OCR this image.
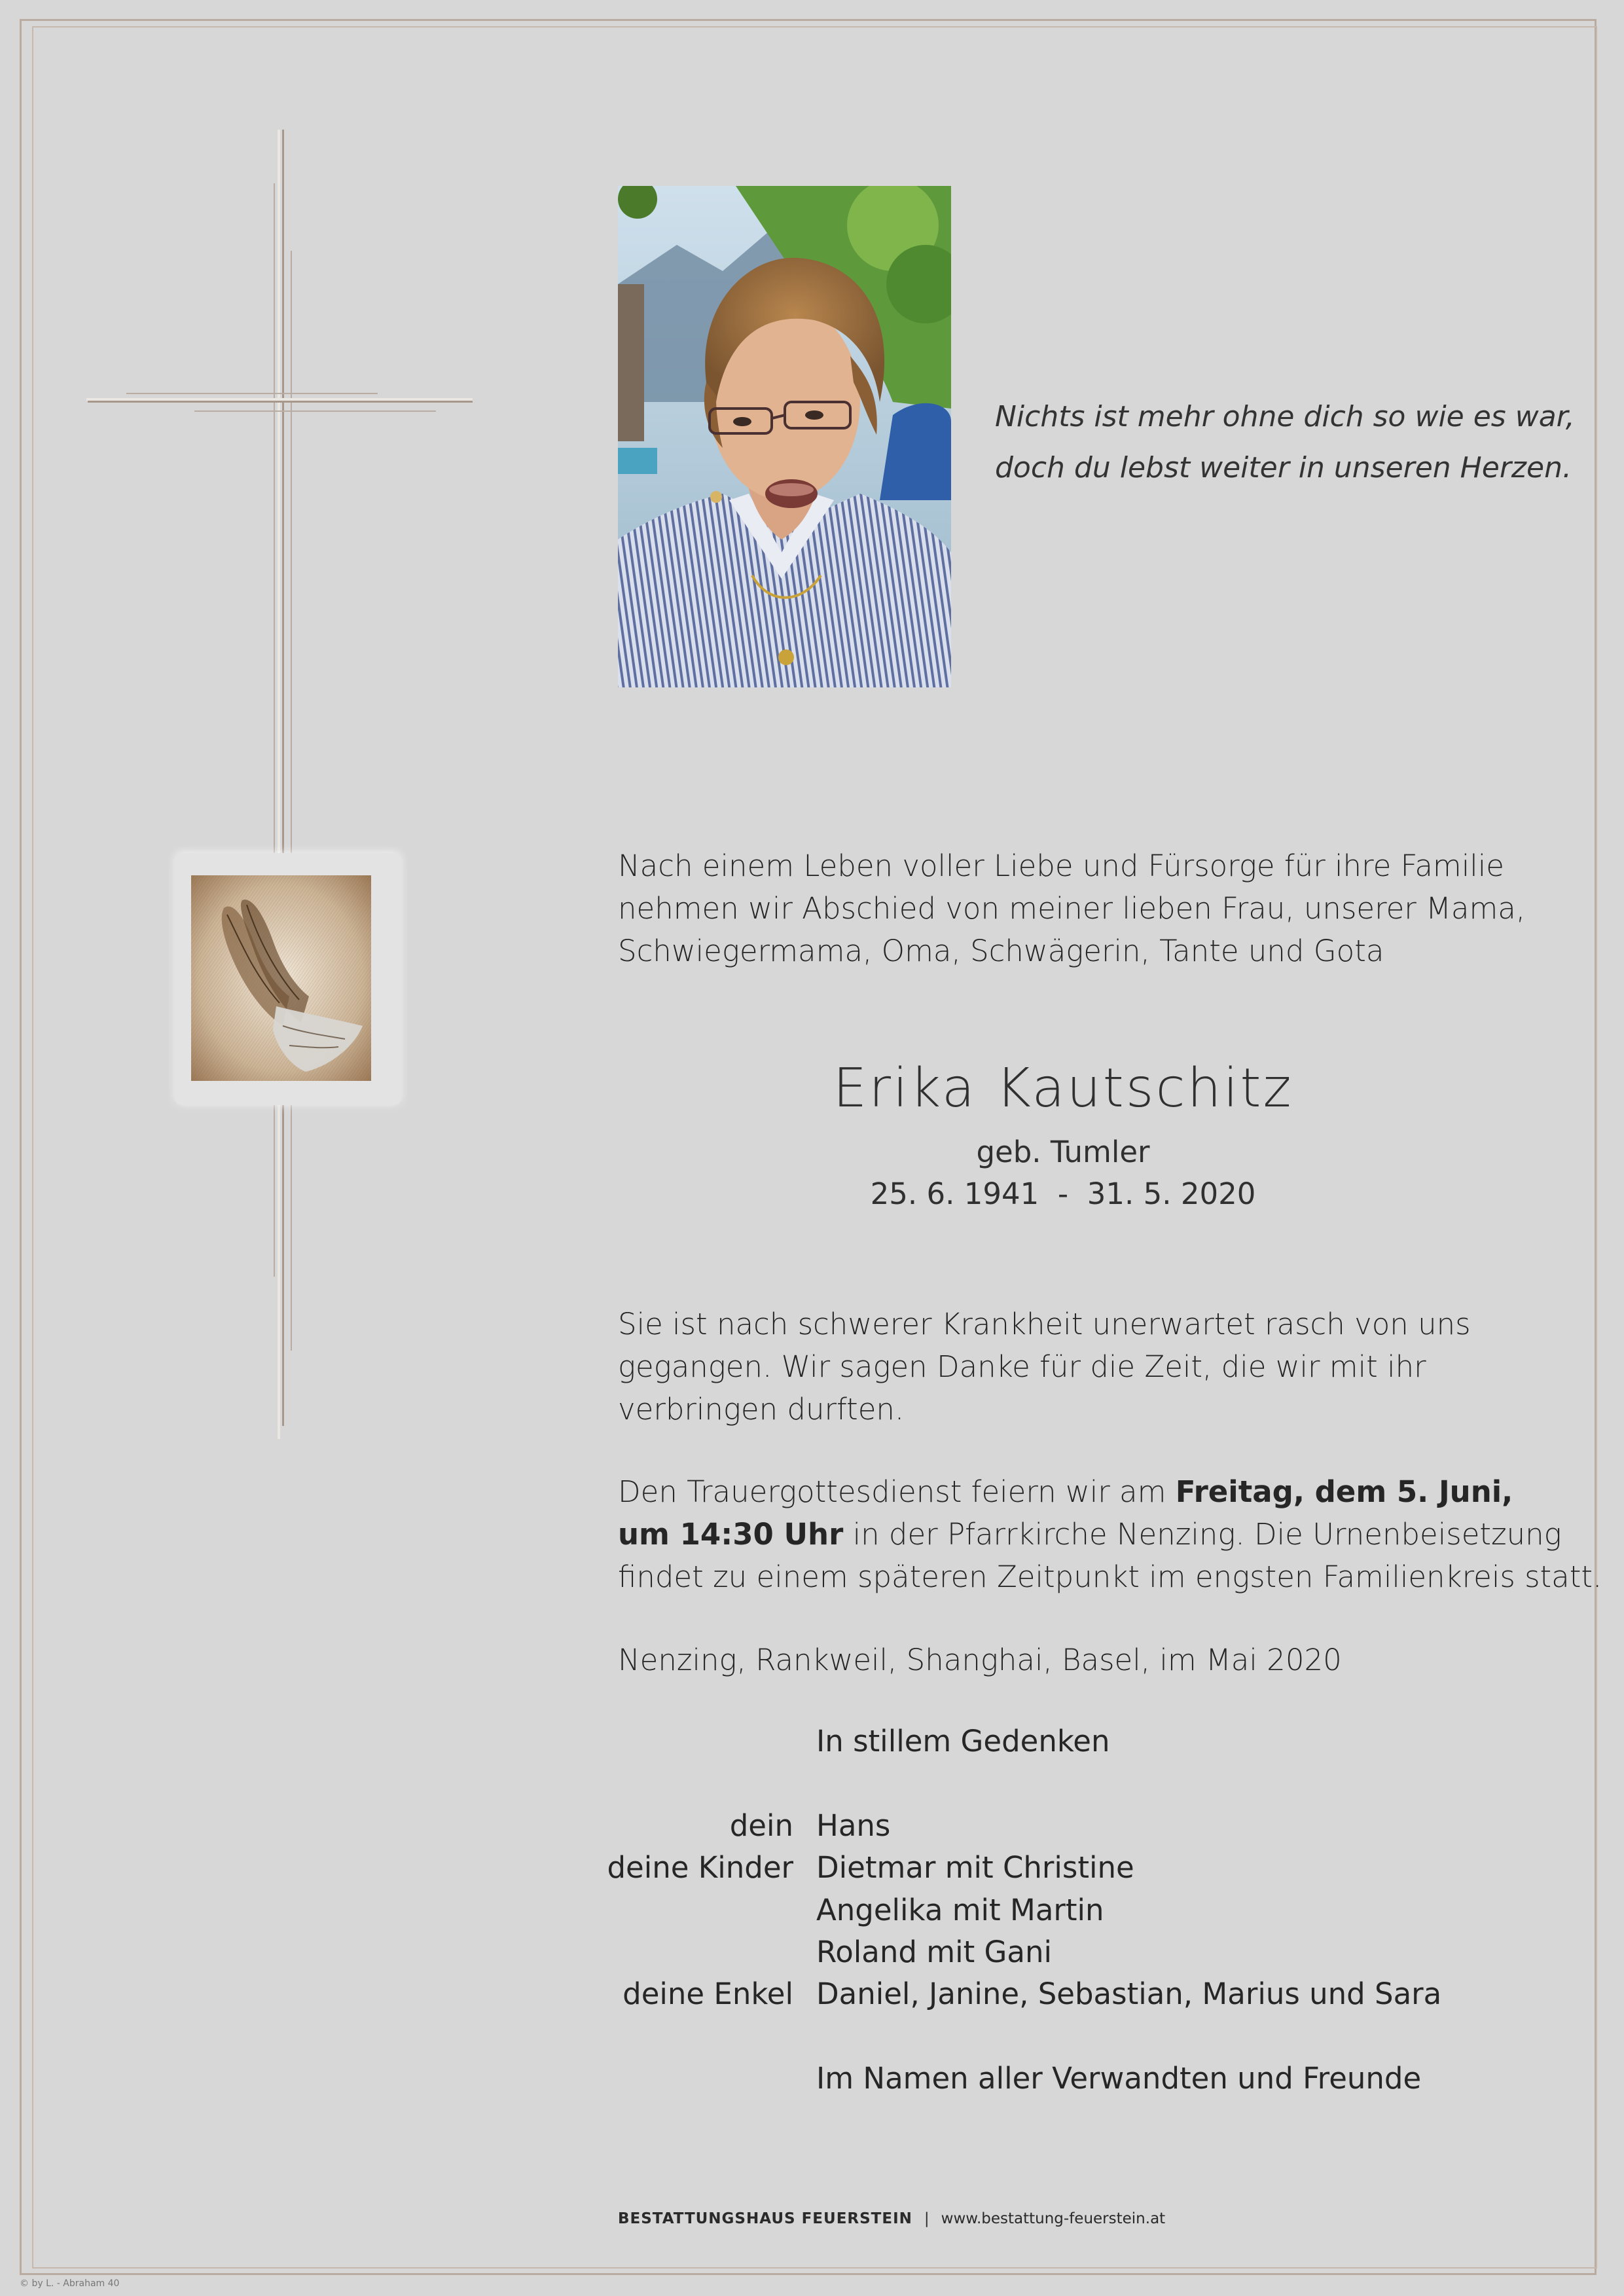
Nichts ist mehr ohne dich so wie es war,
doch du lebst weiter in unseren Herzen.
Nach einem Leben voller Liebe und Fürsorge für ihre Familie
nehmen wir Abschied von meiner lieben Frau, unserer Mama,
Schwiegermama, Oma, Schwägerin, Tante und Gota
Erika Kautschitz
geb. Tumler
25. 6. 1941  -  31. 5. 2020
Sie ist nach schwerer Krankheit unerwartet rasch von uns
gegangen. Wir sagen Danke für die Zeit, die wir mit ihr
verbringen durften.
Den Trauergottesdienst feiern wir am Freitag, dem 5. Juni,
um 14:30 Uhr in der Pfarrkirche Nenzing. Die Urnenbeisetzung
findet zu einem späteren Zeitpunkt im engsten Familienkreis statt.
Nenzing, Rankweil, Shanghai, Basel, im Mai 2020
In stillem Gedenken
dein Hans
deine Kinder Dietmar mit Christine
Angelika mit Martin
Roland mit Gani
deine Enkel Daniel, Janine, Sebastian, Marius und Sara
Im Namen aller Verwandten und Freunde
BESTATTUNGSHAUS FEUERSTEIN | www.bestattung-feuerstein.at
© by L. - Abraham 40
